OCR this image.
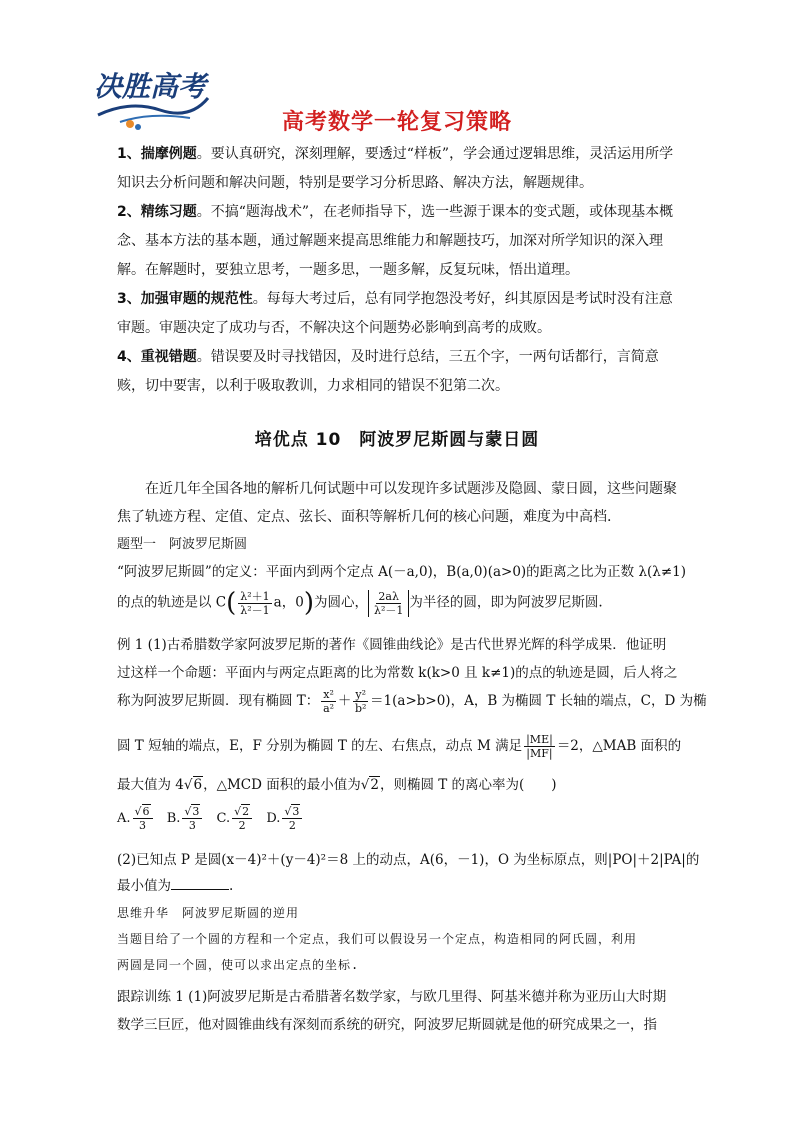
决胜高考
高考数学一轮复习策略
1、揣摩例题。要认真研究，深刻理解，要透过“样板”，学会通过逻辑思维，灵活运用所学知识去分析问题和解决问题，特别是要学习分析思路、解决方法，解题规律。
2、精练习题。不搞“题海战术”，在老师指导下，选一些源于课本的变式题，或体现基本概念、基本方法的基本题，通过解题来提高思维能力和解题技巧，加深对所学知识的深入理解。在解题时，要独立思考，一题多思，一题多解，反复玩味，悟出道理。
3、加强审题的规范性。每每大考过后，总有同学抱怨没考好，纠其原因是考试时没有注意审题。审题决定了成功与否，不解决这个问题势必影响到高考的成败。
4、重视错题。错误要及时寻找错因，及时进行总结，三五个字，一两句话都行，言简意赅，切中要害，以利于吸取教训，力求相同的错误不犯第二次。
培优点 10　阿波罗尼斯圆与蒙日圆
在近几年全国各地的解析几何试题中可以发现许多试题涉及隐圆、蒙日圆，这些问题聚
焦了轨迹方程、定值、定点、弦长、面积等解析几何的核心问题，难度为中高档.
题型一　阿波罗尼斯圆
“阿波罗尼斯圆”的定义：平面内到两个定点 A(－a,0)，B(a,0)(a>0)的距离之比为正数 λ(λ≠1)
的点的轨迹是以 $C( \frac{\text{λ²＋1}}{\text{λ²－1}}$ a，0)为圆心， $\frac{2a\lambda}{\text{λ²－1}}$ 为半径的圆，即为阿波罗尼斯圆.
例 1 (1)古希腊数学家阿波罗尼斯的著作《圆锥曲线论》是古代世界光辉的科学成果．他证明
过这样一个命题：平面内与两定点距离的比为常数 k(k>0 且 k≠1)的点的轨迹是圆，后人将之
称为阿波罗尼斯圆．现有椭圆 T： $\frac{\text{x²}}{\text{a²}} + \frac{\text{y²}}{\text{b²}} =1(a>b>0)$，A，B 为椭圆 T 长轴的端点，C，D 为椭
圆 T 短轴的端点，E，F 分别为椭圆 T 的左、右焦点，动点 M 满足 $\frac{|ME|}{|MF|} =2$，△MAB 面积的
最大值为 4√6，△MCD 面积的最小值为√2，则椭圆 T 的离心率为(　　)
A. $\frac{√6}{3}$
B. $\frac{√3}{3}$
C. $\frac{√2}{2}$
D. $\frac{√3}{2}$
(2)已知点 P 是圆(x－4)²＋(y－4)²＝8 上的动点，A(6，－1)，O 为坐标原点，则|PO|＋2|PA|的
最小值为	.
思维升华　阿波罗尼斯圆的逆用
当题目给了一个圆的方程和一个定点，我们可以假设另一个定点，构造相同的阿氏圆，利用
两圆是同一个圆，使可以求出定点的坐标.
跟踪训练 1 (1)阿波罗尼斯是古希腊著名数学家，与欧几里得、阿基米德并称为亚历山大时期
数学三巨匠，他对圆锥曲线有深刻而系统的研究，阿波罗尼斯圆就是他的研究成果之一，指
